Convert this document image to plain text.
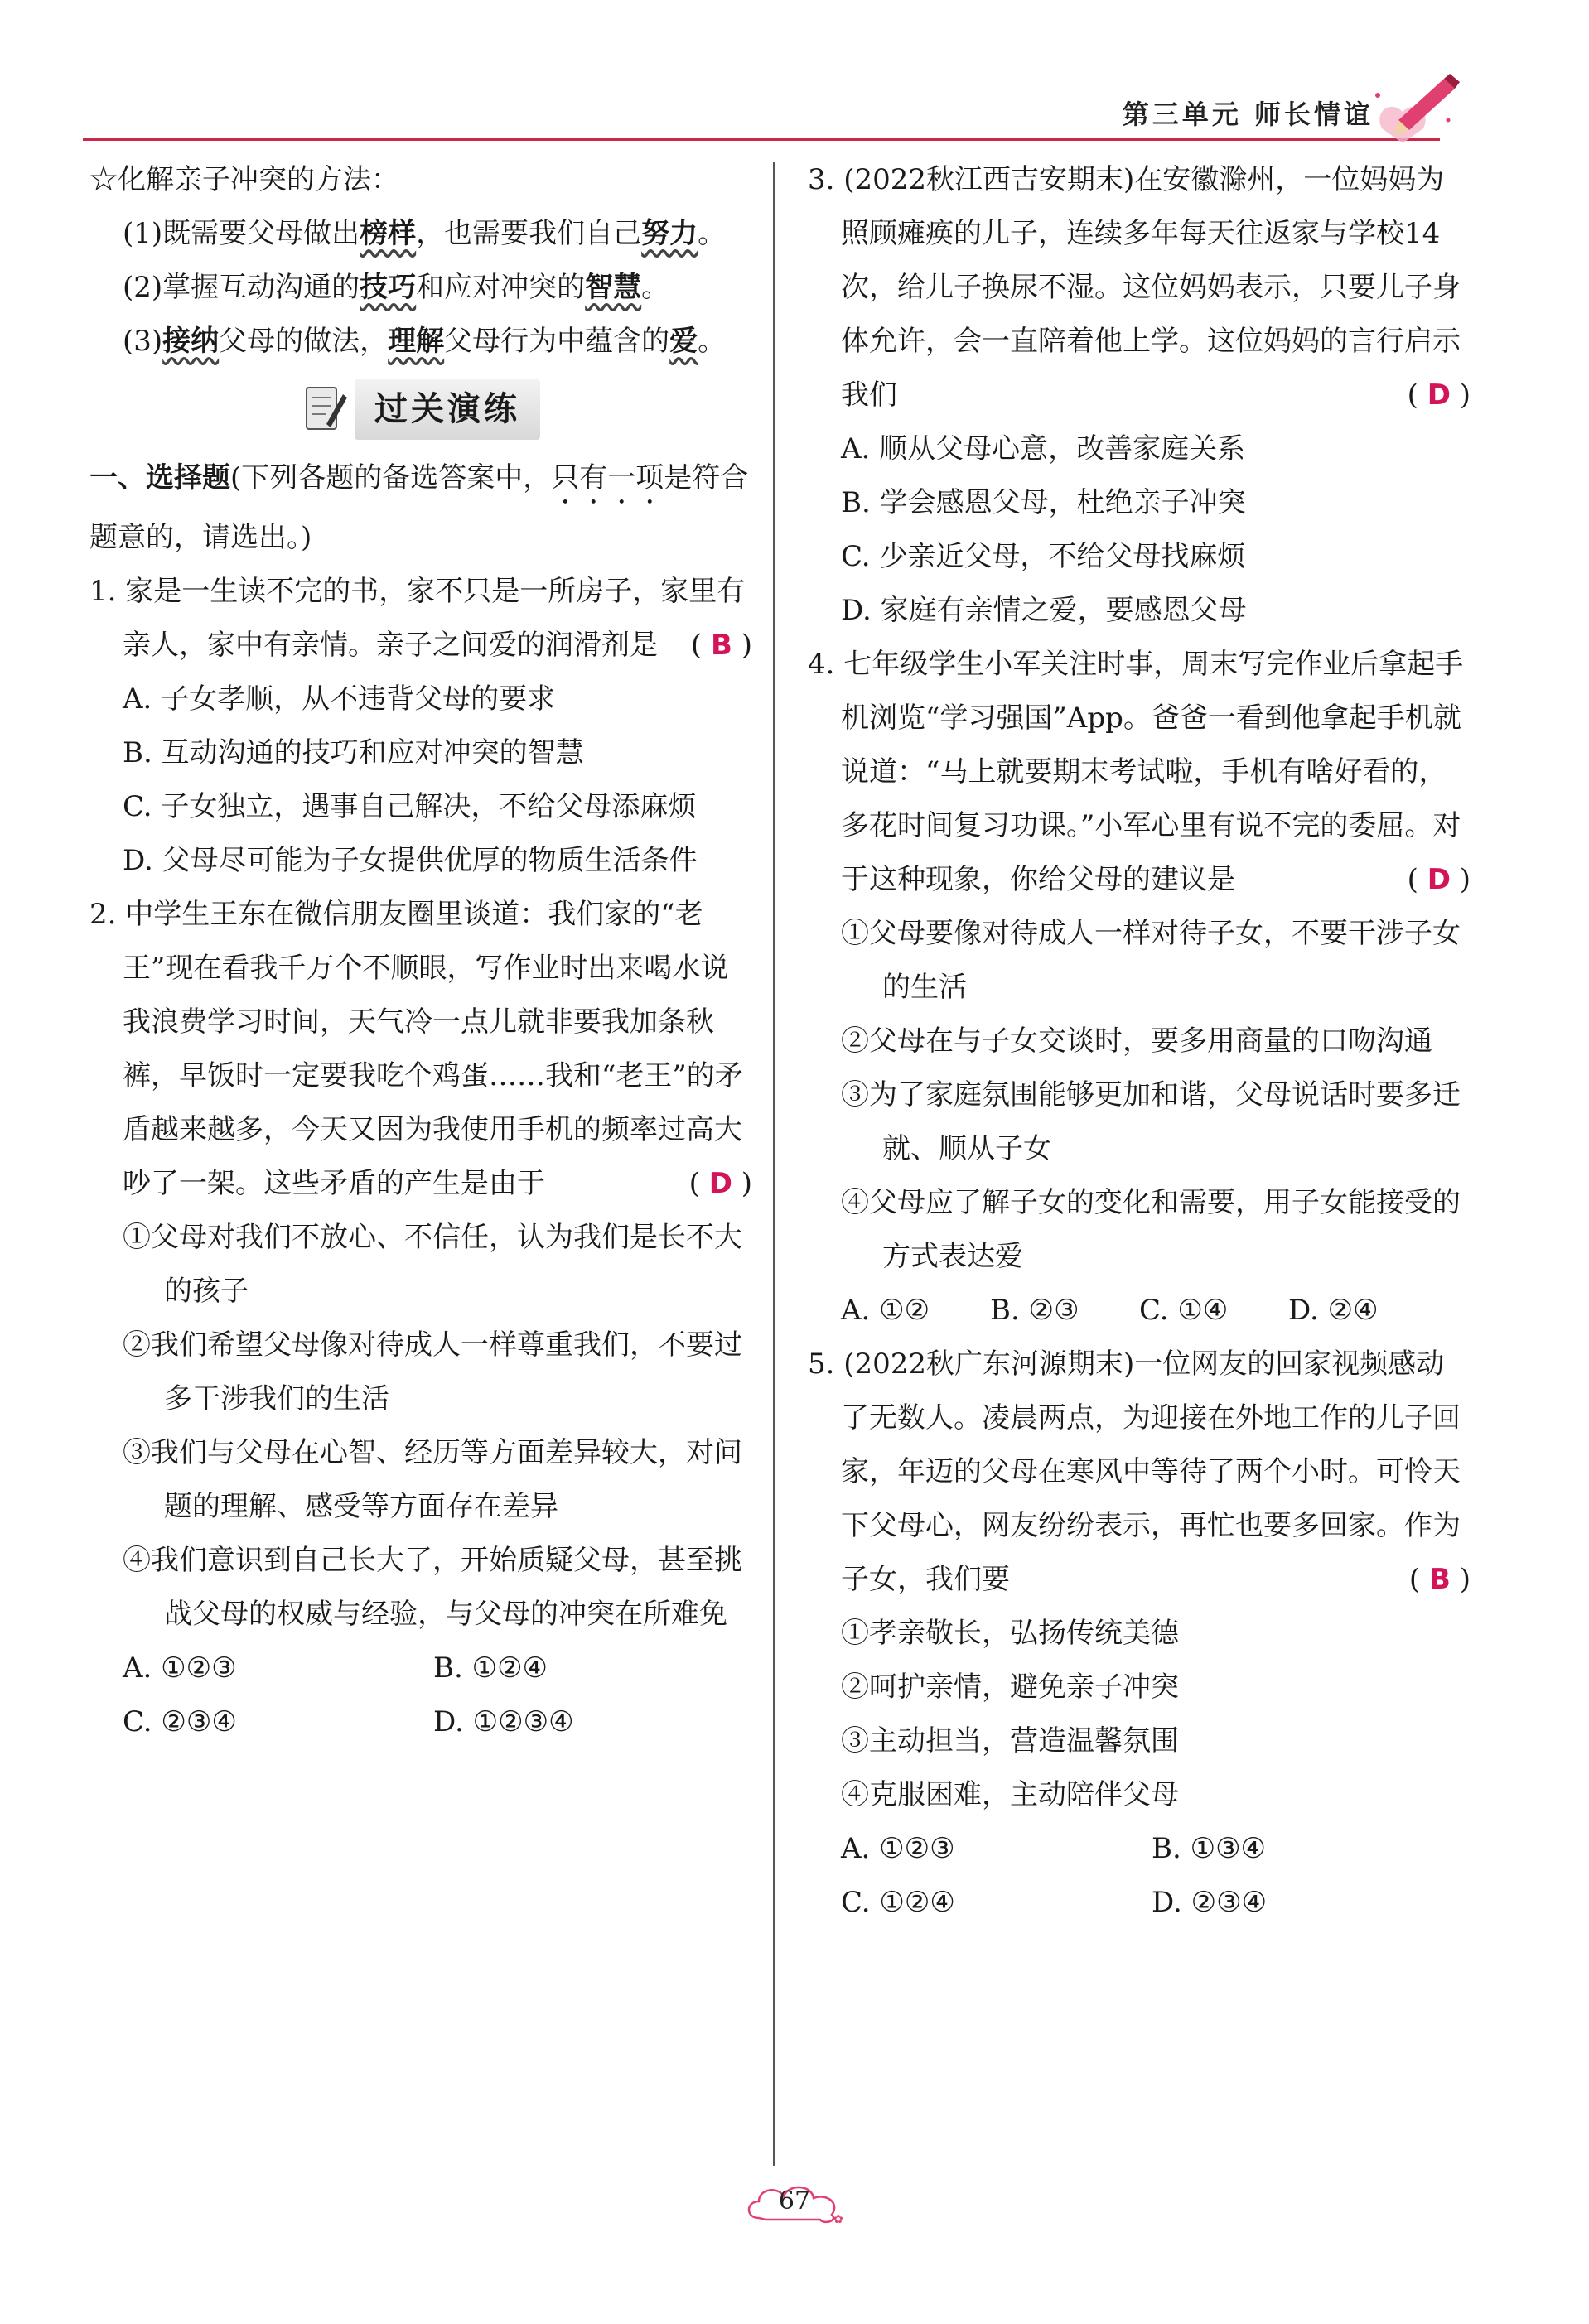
第三单元 师长情谊

☆化解亲子冲突的方法：

(1)既需要父母做出榜样，也需要我们自己努力。

(2)掌握互动沟通的技巧和应对冲突的智慧。

(3)接纳父母的做法，理解父母行为中蕴含的爱。

过关演练

一、选择题(下列各题的备选答案中，只有一项是符合题意的，请选出。)

1. 家是一生读不完的书，家不只是一所房子，家里有亲人，家中有亲情。亲子之间爱的润滑剂是 ( B )

A. 子女孝顺，从不违背父母的要求

B. 互动沟通的技巧和应对冲突的智慧

C. 子女独立，遇事自己解决，不给父母添麻烦

D. 父母尽可能为子女提供优厚的物质生活条件

2. 中学生王东在微信朋友圈里谈道：我们家的“老王”现在看我千万个不顺眼，写作业时出来喝水说我浪费学习时间，天气冷一点儿就非要我加条秋裤，早饭时一定要我吃个鸡蛋……我和“老王”的矛盾越来越多，今天又因为我使用手机的频率过高大吵了一架。这些矛盾的产生是由于	( D )

①父母对我们不放心、不信任，认为我们是长不大的孩子

②我们希望父母像对待成人一样尊重我们，不要过多干涉我们的生活

③我们与父母在心智、经历等方面差异较大，对问题的理解、感受等方面存在差异

④我们意识到自己长大了，开始质疑父母，甚至挑战父母的权威与经验，与父母的冲突在所难免

A. ①②③	B. ①②④
C. ②③④	D. ①②③④

3. (2022秋江西吉安期末)在安徽滁州，一位妈妈为照顾瘫痪的儿子，连续多年每天往返家与学校14次，给儿子换尿不湿。这位妈妈表示，只要儿子身体允许，会一直陪着他上学。这位妈妈的言行启示我们	( D )

A. 顺从父母心意，改善家庭关系

B. 学会感恩父母，杜绝亲子冲突

C. 少亲近父母，不给父母找麻烦

D. 家庭有亲情之爱，要感恩父母

4. 七年级学生小军关注时事，周末写完作业后拿起手机浏览“学习强国”App。爸爸一看到他拿起手机就说道：“马上就要期末考试啦，手机有啥好看的，多花时间复习功课。”小军心里有说不完的委屈。对于这种现象，你给父母的建议是	( D )

①父母要像对待成人一样对待子女，不要干涉子女的生活

②父母在与子女交谈时，要多用商量的口吻沟通

③为了家庭氛围能够更加和谐，父母说话时要多迁就、顺从子女

④父母应了解子女的变化和需要，用子女能接受的方式表达爱

A. ①②	B. ②③	C. ①④	D. ②④

5. (2022秋广东河源期末)一位网友的回家视频感动了无数人。凌晨两点，为迎接在外地工作的儿子回家，年迈的父母在寒风中等待了两个小时。可怜天下父母心，网友纷纷表示，再忙也要多回家。作为子女，我们要	( B )

①孝亲敬长，弘扬传统美德

②呵护亲情，避免亲子冲突

③主动担当，营造温馨氛围

④克服困难，主动陪伴父母

A. ①②③	B. ①③④
C. ①②④	D. ②③④
✿
67
